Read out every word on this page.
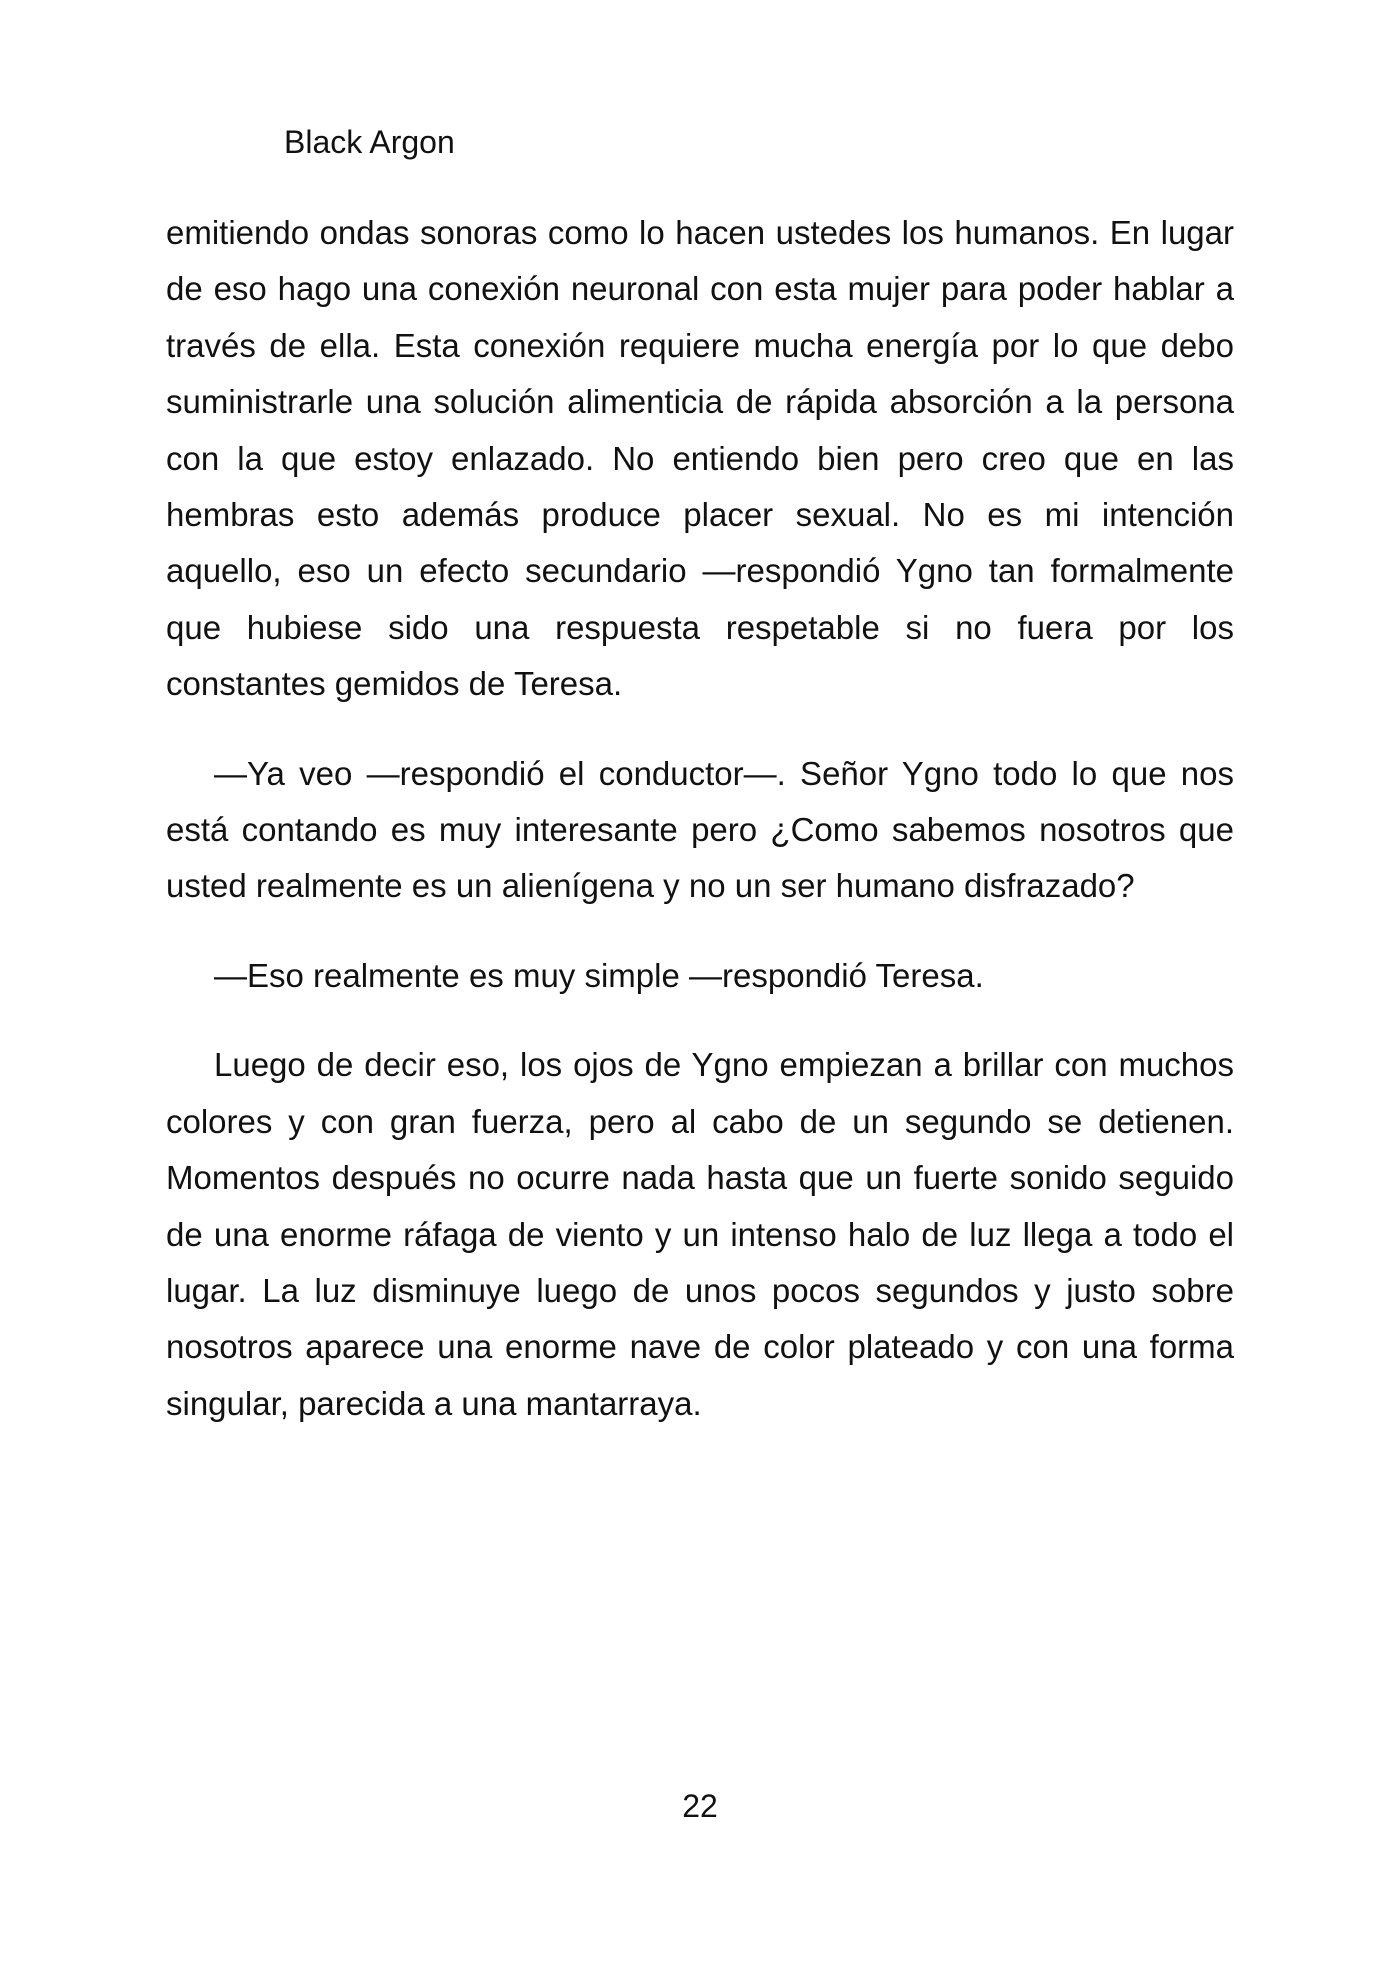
Black Argon

emitiendo ondas sonoras como lo hacen ustedes los humanos. En lugar de eso hago una conexión neuronal con esta mujer para poder hablar a través de ella. Esta conexión requiere mucha energía por lo que debo suministrarle una solución alimenticia de rápida absorción a la persona con la que estoy enlazado. No entiendo bien pero creo que en las hembras esto además produce placer sexual. No es mi intención aquello, eso un efecto secundario —respondió Ygno tan formalmente que hubiese sido una respuesta respetable si no fuera por los constantes gemidos de Teresa.

—Ya veo —respondió el conductor—. Señor Ygno todo lo que nos está contando es muy interesante pero ¿Como sabemos nosotros que usted realmente es un alienígena y no un ser humano disfrazado?

—Eso realmente es muy simple —respondió Teresa.

Luego de decir eso, los ojos de Ygno empiezan a brillar con muchos colores y con gran fuerza, pero al cabo de un segundo se detienen. Momentos después no ocurre nada hasta que un fuerte sonido seguido de una enorme ráfaga de viento y un intenso halo de luz llega a todo el lugar. La luz disminuye luego de unos pocos segundos y justo sobre nosotros aparece una enorme nave de color plateado y con una forma singular, parecida a una mantarraya.

22
